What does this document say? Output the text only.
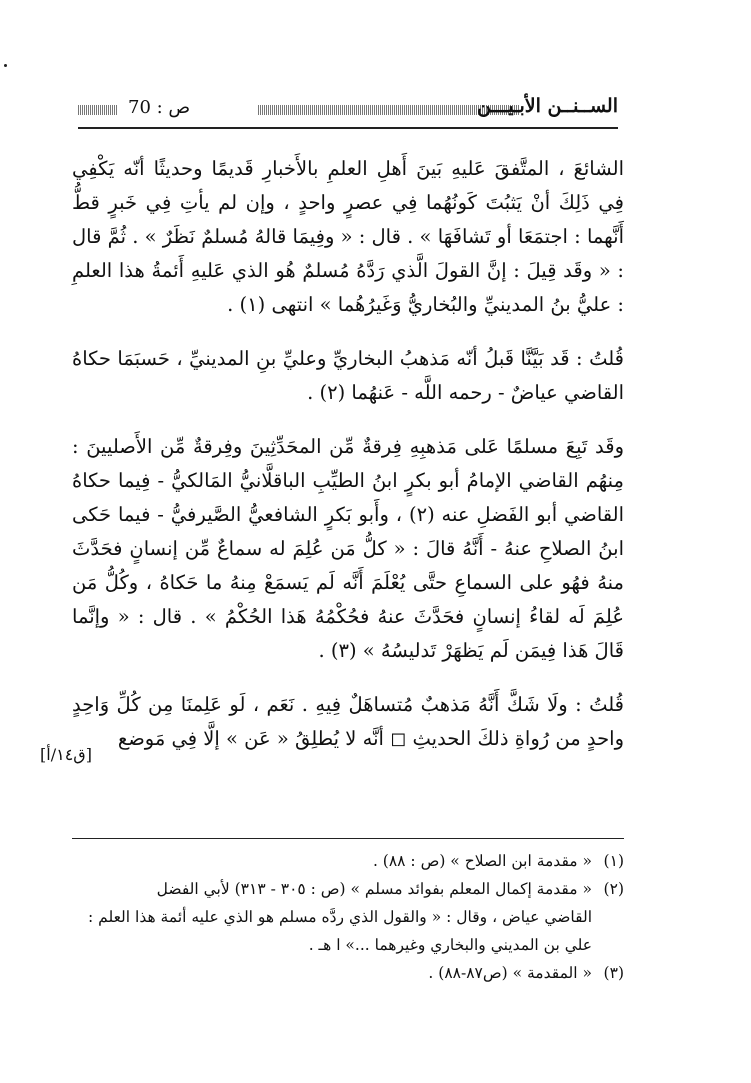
ص : 70	الســنــن الأبـيـــن

الشائعَ ، المتَّفقَ عَليهِ بَينَ أَهلِ العلمِ بالأَخبارِ قَديمًا وحديثًا أنّه يَكْفِي فِي ذَلِكَ أنْ يَثبُتَ كَونُهُما فِي عصرٍ واحدٍ ، وإن لم يأتِ فِي خَبرٍ قطُّ أَنَّهما : اجتمَعَا أو تَشافَهَا » . قال : « وفِيمَا قالهُ مُسلمٌ نَظَرٌ » . ثُمَّ قال : « وقَد قِيلَ : إنَّ القولَ الَّذي رَدَّهُ مُسلمٌ هُو الذي عَليهِ أَئمةُ هذا العلمِ : عليُّ بنُ المدينيِّ والبُخاريُّ وَغَيرُهُما » انتهى (١) .

قُلتُ : قَد بَيَّنَّا قَبلُ أنّه مَذهبُ البخاريِّ وعليِّ بنِ المدينيِّ ، حَسبَمَا حكاهُ القاضي عياضٌ - رحمه اللَّه - عَنهُما (٢) .

وقَد تَبِعَ مسلمًا عَلى مَذهبِهِ فِرقةٌ مِّن المحَدِّثِينَ وفِرقةٌ مِّن الأَصليينَ : مِنهُم القاضي الإمامُ أبو بكرٍ ابنُ الطيِّبِ الباقلَّانيُّ المَالكيُّ - فِيما حكاهُ القاضي أبو الفَضلِ عنه (٢) ، وأَبو بَكرٍ الشافعيُّ الصَّيرفيُّ - فيما حَكى ابنُ الصلاحِ عنهُ - أَنَّهُ قالَ : « كلُّ مَن عُلِمَ له سماعٌ مِّن إنسانٍ فحَدَّثَ منهُ فهُو على السماعِ حتَّى يُعْلَمَ أَنَّه لَم يَسمَعْ مِنهُ ما حَكاهُ ، وكُلُّ مَن عُلِمَ لَه لقاءُ إنسانٍ فحَدَّثَ عنهُ فحُكْمُهُ هَذا الحُكْمُ » . قال : « وإنَّما قَالَ هَذا فِيمَن لَم يَظهَرْ تَدليسُهُ » (٣) .

قُلتُ : ولَا شَكَّ أَنَّهُ مَذهبٌ مُتساهَلٌ فِيهِ . نَعَم ، لَو عَلِمنَا مِن كُلِّ وَاحِدٍ واحدٍ من رُواةِ ذلكَ الحديثِ ◻ أنَّه لا يُطلِقُ « عَن » إلَّا فِي مَوضع

[ق١٤/أ]
(١)
« مقدمة ابن الصلاح » (ص : ٨٨) .
(٢)
« مقدمة إكمال المعلم بفوائد مسلم » (ص : ٣٠٥ - ٣١٣) لأبي الفضل
القاضي عياض ، وقال : « والقول الذي ردَّه مسلم هو الذي عليه أئمة هذا العلم :
علي بن المديني والبخاري وغيرهما ...» ا هـ .
(٣)
« المقدمة » (ص٨٧-٨٨) .
